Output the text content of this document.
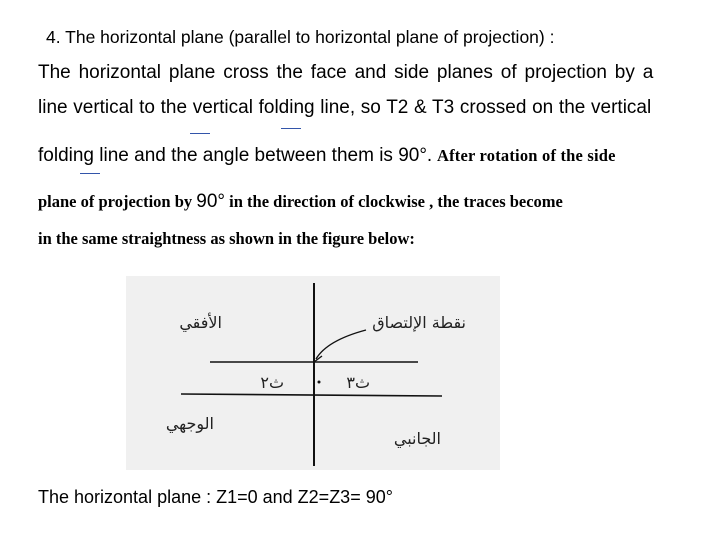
4. The horizontal plane (parallel to horizontal plane of projection) :
The horizontal plane cross the face and side planes of projection by a
line vertical to the vertical folding line, so T2 & T3 crossed on the vertical
folding line and the angle between them is 90°. After rotation of the side
plane of projection by 90° in the direction of clockwise , the traces become
in the same straightness as shown in the figure below:
الأفقي	نقطة الإلتصاق
ث٢	ث٣
الوجهي
الجانبي
The horizontal plane : Z1=0 and Z2=Z3= 90°
